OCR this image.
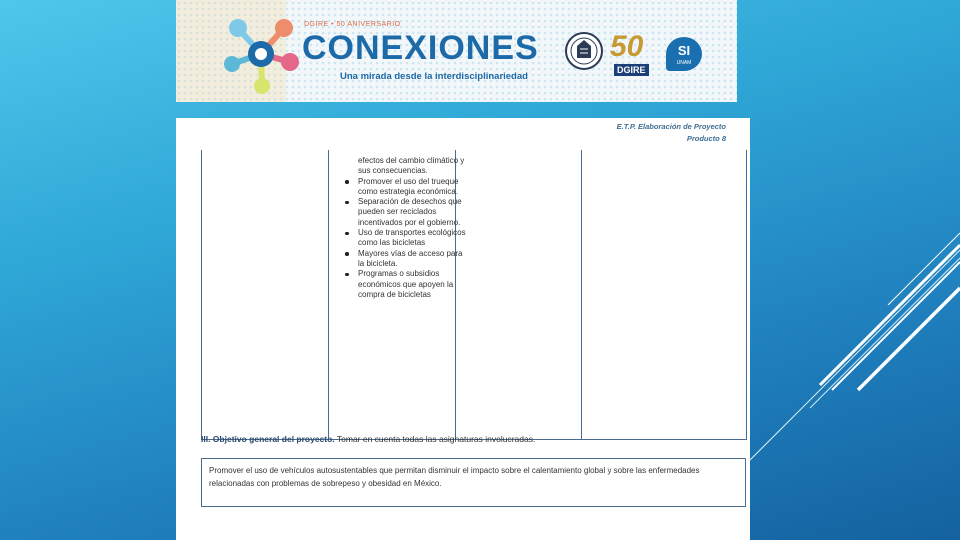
DGIRE • 50 ANIVERSARIO
CONEXIONES
Una mirada desde la interdisciplinariedad
50
DGIRE
SI
UNAM
E.T.P. Elaboración de Proyecto
Producto 8
efectos del cambio climático y sus consecuencias.
Promover el uso del trueque como estrategia económica.
Separación de desechos que pueden ser reciclados incentivados por el gobierno.
Uso de transportes ecológicos como las bicicletas
Mayores vías de acceso para la bicicleta.
Programas o subsidios económicos que apoyen la compra de bicicletas
III. Objetivo general del proyecto. Tomar en cuenta todas las asignaturas involucradas.
Promover el uso de vehículos autosustentables que permitan disminuir el impacto sobre el calentamiento global y sobre las enfermedades relacionadas con problemas de sobrepeso y obesidad en México.
